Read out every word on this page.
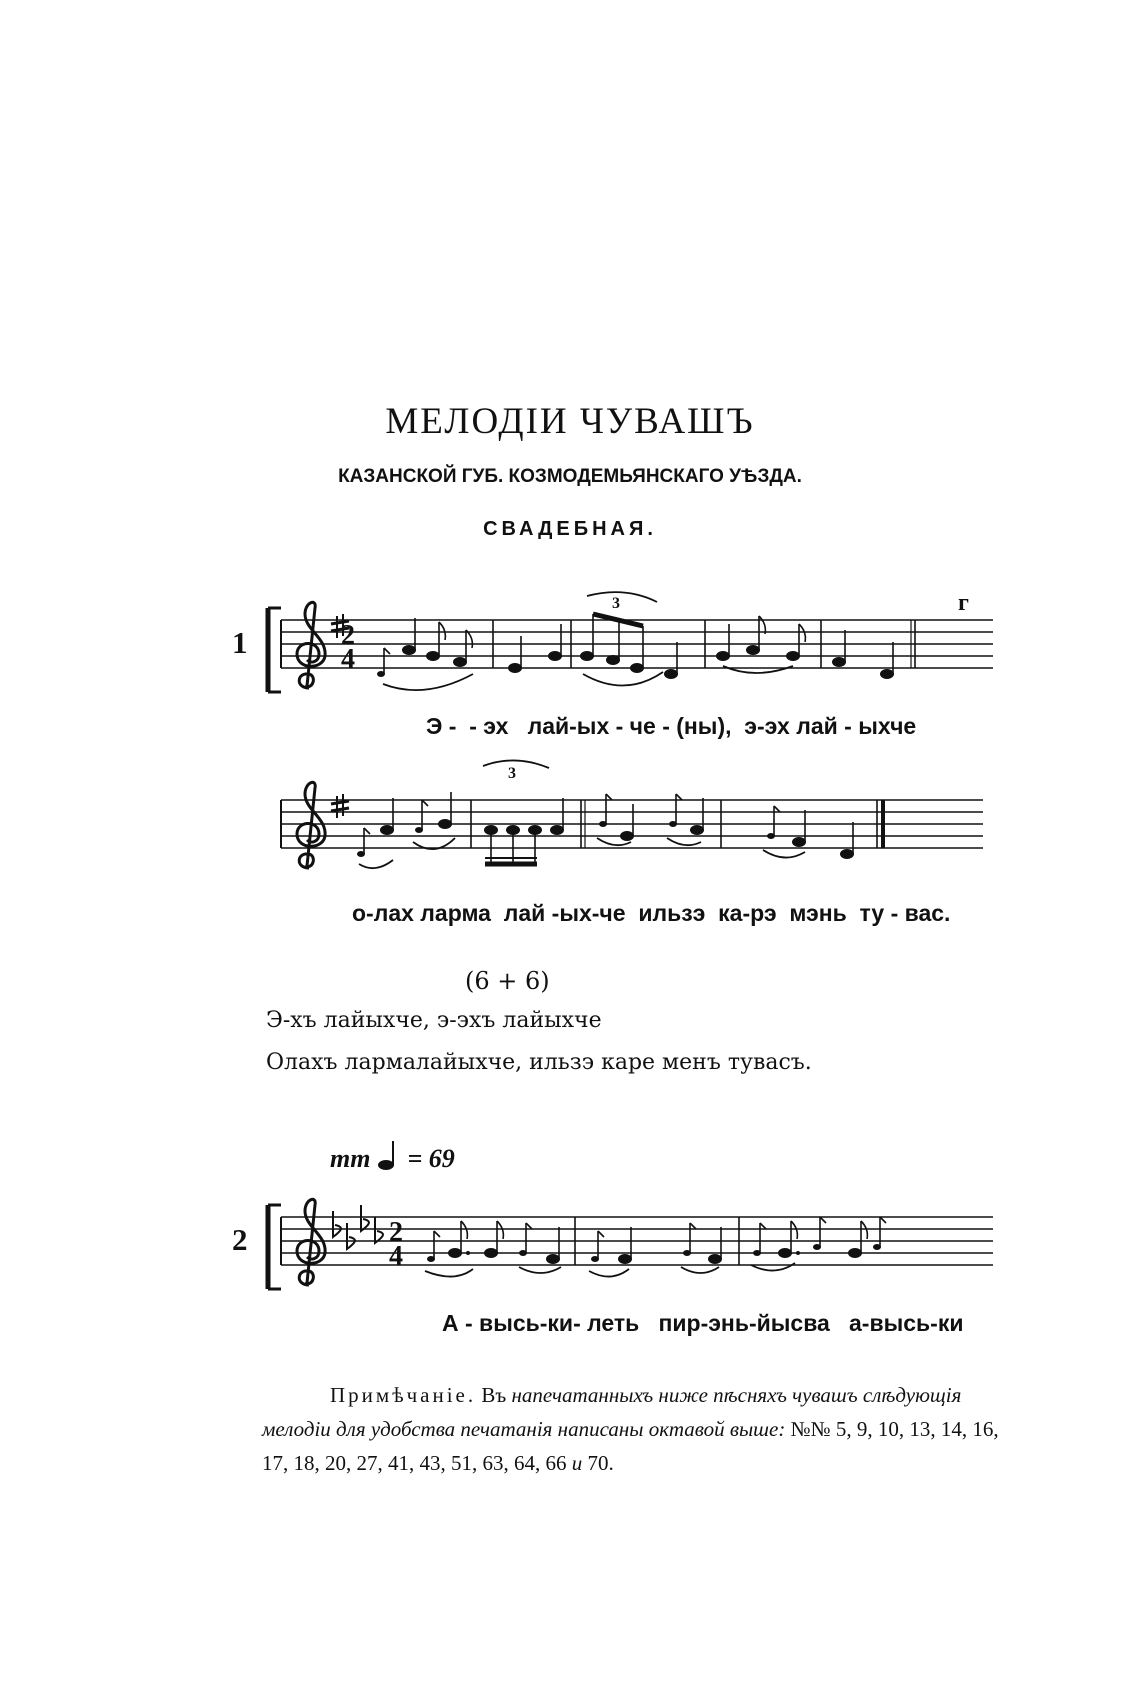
МЕЛОДІИ ЧУВАШЪ
КАЗАНСКОЙ ГУБ. КОЗМОДЕМЬЯНСКАГО УѢЗДА.
СВАДЕБНАЯ.
1
г
2
4
3
Э -  - эх   лай-ых - че - (ны),  э-эх лай - ыхче
3
о-лах ларма  лай -ых-че  ильзэ  ка-рэ  мэнь  ту - вас.
(6 + 6)
Э-хъ лайыхче, э-эхъ лайыхче
Олахъ лармалайыхче, ильзэ каре менъ тувасъ.
mm = 69
2	2
4
А - высь-ки- леть   пир-энь-йысва   а-высь-ки
Примѣчаніе. Въ напечатанныхъ ниже пѣсняхъ чувашъ слѣдующія мелодіи для удобства печатанія написаны октавой выше: №№ 5, 9, 10, 13, 14, 16, 17, 18, 20, 27, 41, 43, 51, 63, 64, 66 и 70.
